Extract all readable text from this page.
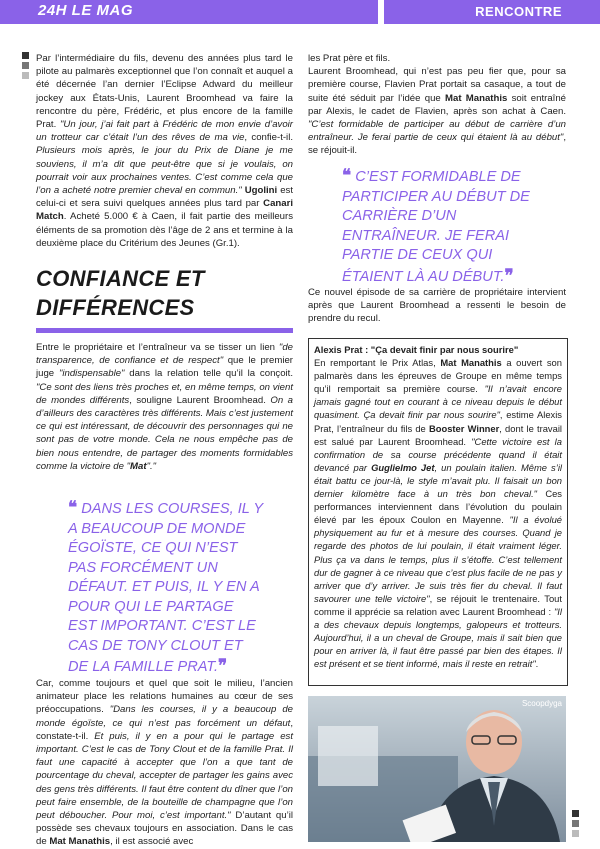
24H LE MAG	RENCONTRE

Par l’intermédiaire du fils, devenu des années plus tard le pilote au palmarès exceptionnel que l’on connaît et auquel a été décernée l’an dernier l’Eclipse Adward du meilleur jockey aux États-Unis, Laurent Broomhead va faire la rencontre du père, Frédéric, et plus encore de la famille Prat. "Un jour, j’ai fait part à Frédéric de mon envie d’avoir un trotteur car c’était l’un des rêves de ma vie, confie-t-il. Plusieurs mois après, le jour du Prix de Diane je me souviens, il m’a dit que peut-être que si je voulais, on pourrait voir aux prochaines ventes. C’est comme cela que l’on a acheté notre premier cheval en commun." Ugolini est celui-ci et sera suivi quelques années plus tard par Canari Match. Acheté 5.000 € à Caen, il fait partie des meilleurs éléments de sa promotion dès l’âge de 2 ans et termine à la deuxième place du Critérium des Jeunes (Gr.1).

CONFIANCE ET
DIFFÉRENCES

Entre le propriétaire et l’entraîneur va se tisser un lien "de transparence, de confiance et de respect" que le premier juge "indispensable" dans la relation telle qu’il la conçoit. "Ce sont des liens très proches et, en même temps, on vient de mondes différents, souligne Laurent Broomhead. On a d’ailleurs des caractères très différents. Mais c’est justement ce qui est intéressant, de découvrir des personnages qui ne sont pas de votre monde. Cela ne nous empêche pas de bien nous entendre, de partager des moments formidables comme la victoire de "Mat"."

❝ DANS LES COURSES, IL Y A BEAUCOUP DE MONDE ÉGOÏSTE, CE QUI N’EST PAS FORCÉMENT UN DÉFAUT. ET PUIS, IL Y EN A POUR QUI LE PARTAGE EST IMPORTANT. C’EST LE CAS DE TONY CLOUT ET DE LA FAMILLE PRAT.❞

Car, comme toujours et quel que soit le milieu, l’ancien animateur place les relations humaines au cœur de ses préoccupations. "Dans les courses, il y a beaucoup de monde égoïste, ce qui n’est pas forcément un défaut, constate-t-il. Et puis, il y en a pour qui le partage est important. C’est le cas de Tony Clout et de la famille Prat. Il faut une capacité à accepter que l’on a que tant de pourcentage du cheval, accepter de partager les gains avec des gens très différents. Il faut être content du dîner que l’on peut faire ensemble, de la bouteille de champagne que l’on peut déboucher. Pour moi, c’est important." D’autant qu’il possède ses chevaux toujours en association. Dans le cas de Mat Manathis, il est associé avec

les Prat père et fils.

Laurent Broomhead, qui n’est pas peu fier que, pour sa première course, Flavien Prat portait sa casaque, a tout de suite été séduit par l’idée que Mat Manathis soit entraîné par Alexis, le cadet de Flavien, après son achat à Caen. "C’est formidable de participer au début de carrière d’un entraîneur. Je ferai partie de ceux qui étaient là au début", se réjouit-il.

❝ C’EST FORMIDABLE DE PARTICIPER AU DÉBUT DE CARRIÈRE D’UN ENTRAÎNEUR. JE FERAI PARTIE DE CEUX QUI ÉTAIENT LÀ AU DÉBUT.❞

Ce nouvel épisode de sa carrière de propriétaire intervient après que Laurent Broomhead a ressenti le besoin de prendre du recul.

Alexis Prat : "Ça devait finir par nous sourire"

En remportant le Prix Atlas, Mat Manathis a ouvert son palmarès dans les épreuves de Groupe en même temps qu’il remportait sa première course. "Il n’avait encore jamais gagné tout en courant à ce niveau depuis le début quasiment. Ça devait finir par nous sourire", estime Alexis Prat, l’entraîneur du fils de Booster Winner, dont le travail est salué par Laurent Broomhead. "Cette victoire est la confirmation de sa course précédente quand il était devancé par Guglielmo Jet, un poulain italien. Même s’il était battu ce jour-là, le style m’avait plu. Il faisait un bon dernier kilomètre face à un très bon cheval." Ces performances interviennent dans l’évolution du poulain élevé par les époux Coulon en Mayenne. "Il a évolué physiquement au fur et à mesure des courses. Quand je regarde des photos de lui poulain, il était vraiment léger. Plus ça va dans le temps, plus il s’étoffe. C’est tellement dur de gagner à ce niveau que c’est plus facile de ne pas y arriver que d’y arriver. Je suis très fier du cheval. Il faut savourer une telle victoire", se réjouit le trentenaire. Tout comme il apprécie sa relation avec Laurent Broomhead : "Il a des chevaux depuis longtemps, galopeurs et trotteurs. Aujourd’hui, il a un cheval de Groupe, mais il sait bien que pour en arriver là, il faut être passé par bien des étapes. Il est présent et se tient informé, mais il reste en retrait".

Scoopdyga
